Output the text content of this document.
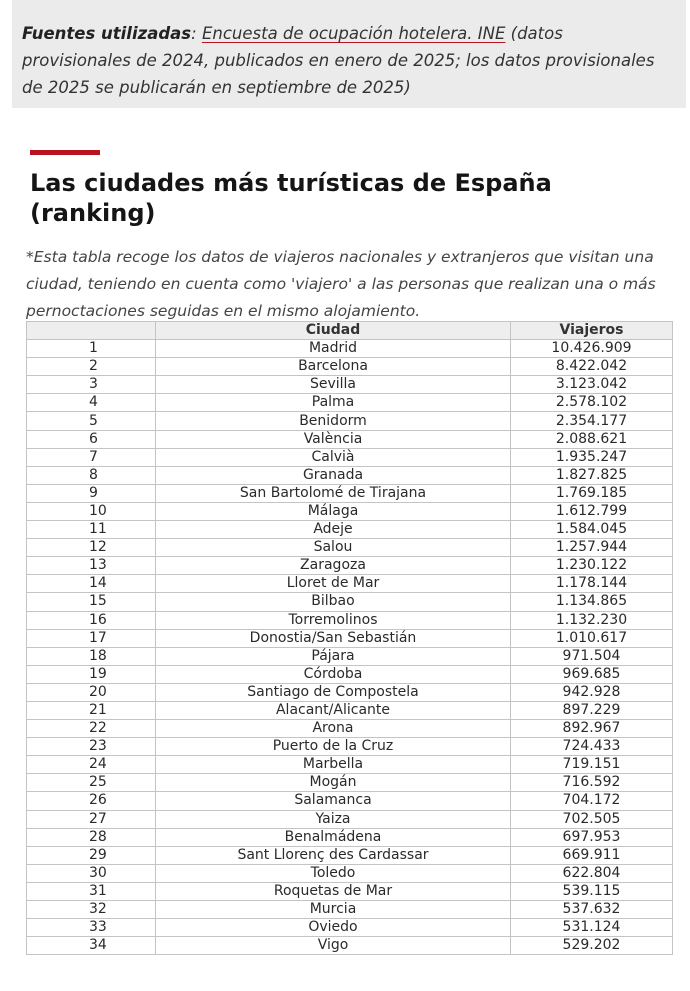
Fuentes utilizadas: Encuesta de ocupación hotelera. INE (datos provisionales de 2024, publicados en enero de 2025; los datos provisionales de 2025 se publicarán en septiembre de 2025)
Las ciudades más turísticas de España (ranking)

*Esta tabla recoge los datos de viajeros nacionales y extranjeros que visitan una ciudad, teniendo en cuenta como 'viajero' a las personas que realizan una o más pernoctaciones seguidas en el mismo alojamiento.

	Ciudad	Viajeros
1	Madrid	10.426.909
2	Barcelona	8.422.042
3	Sevilla	3.123.042
4	Palma	2.578.102
5	Benidorm	2.354.177
6	València	2.088.621
7	Calvià	1.935.247
8	Granada	1.827.825
9	San Bartolomé de Tirajana	1.769.185
10	Málaga	1.612.799
11	Adeje	1.584.045
12	Salou	1.257.944
13	Zaragoza	1.230.122
14	Lloret de Mar	1.178.144
15	Bilbao	1.134.865
16	Torremolinos	1.132.230
17	Donostia/San Sebastián	1.010.617
18	Pájara	971.504
19	Córdoba	969.685
20	Santiago de Compostela	942.928
21	Alacant/Alicante	897.229
22	Arona	892.967
23	Puerto de la Cruz	724.433
24	Marbella	719.151
25	Mogán	716.592
26	Salamanca	704.172
27	Yaiza	702.505
28	Benalmádena	697.953
29	Sant Llorenç des Cardassar	669.911
30	Toledo	622.804
31	Roquetas de Mar	539.115
32	Murcia	537.632
33	Oviedo	531.124
34	Vigo	529.202
